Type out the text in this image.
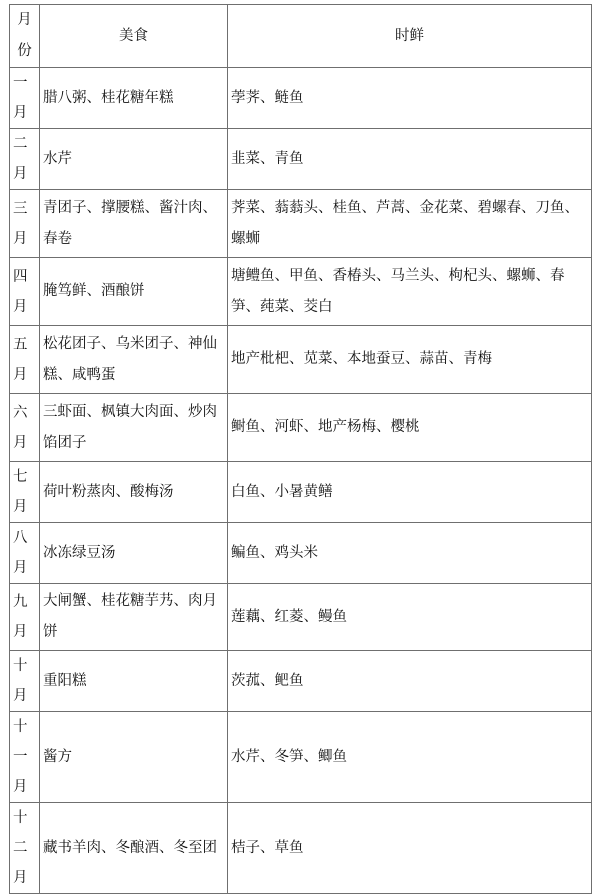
月份	美食	时鲜
一月	腊八粥、桂花糖年糕	荸荠、鲢鱼
二月	水芹	韭菜、青鱼
三月	青团子、撑腰糕、酱汁肉、春卷	荠菜、蓊蓊头、桂鱼、芦蒿、金花菜、碧螺春、刀鱼、螺蛳
四月	腌笃鲜、酒酿饼	塘鳢鱼、甲鱼、香椿头、马兰头、枸杞头、螺蛳、春笋、莼菜、茭白
五月	松花团子、乌米团子、神仙糕、咸鸭蛋	地产枇杷、苋菜、本地蚕豆、蒜苗、青梅
六月	三虾面、枫镇大肉面、炒肉馅团子	鲥鱼、河虾、地产杨梅、樱桃
七月	荷叶粉蒸肉、酸梅汤	白鱼、小暑黄鳝
八月	冰冻绿豆汤	鳊鱼、鸡头米
九月	大闸蟹、桂花糖芋艿、肉月饼	莲藕、红菱、鳗鱼
十月	重阳糕	茨菰、鲃鱼
十一月	酱方	水芹、冬笋、鲫鱼
十二月	藏书羊肉、冬酿酒、冬至团	桔子、草鱼
